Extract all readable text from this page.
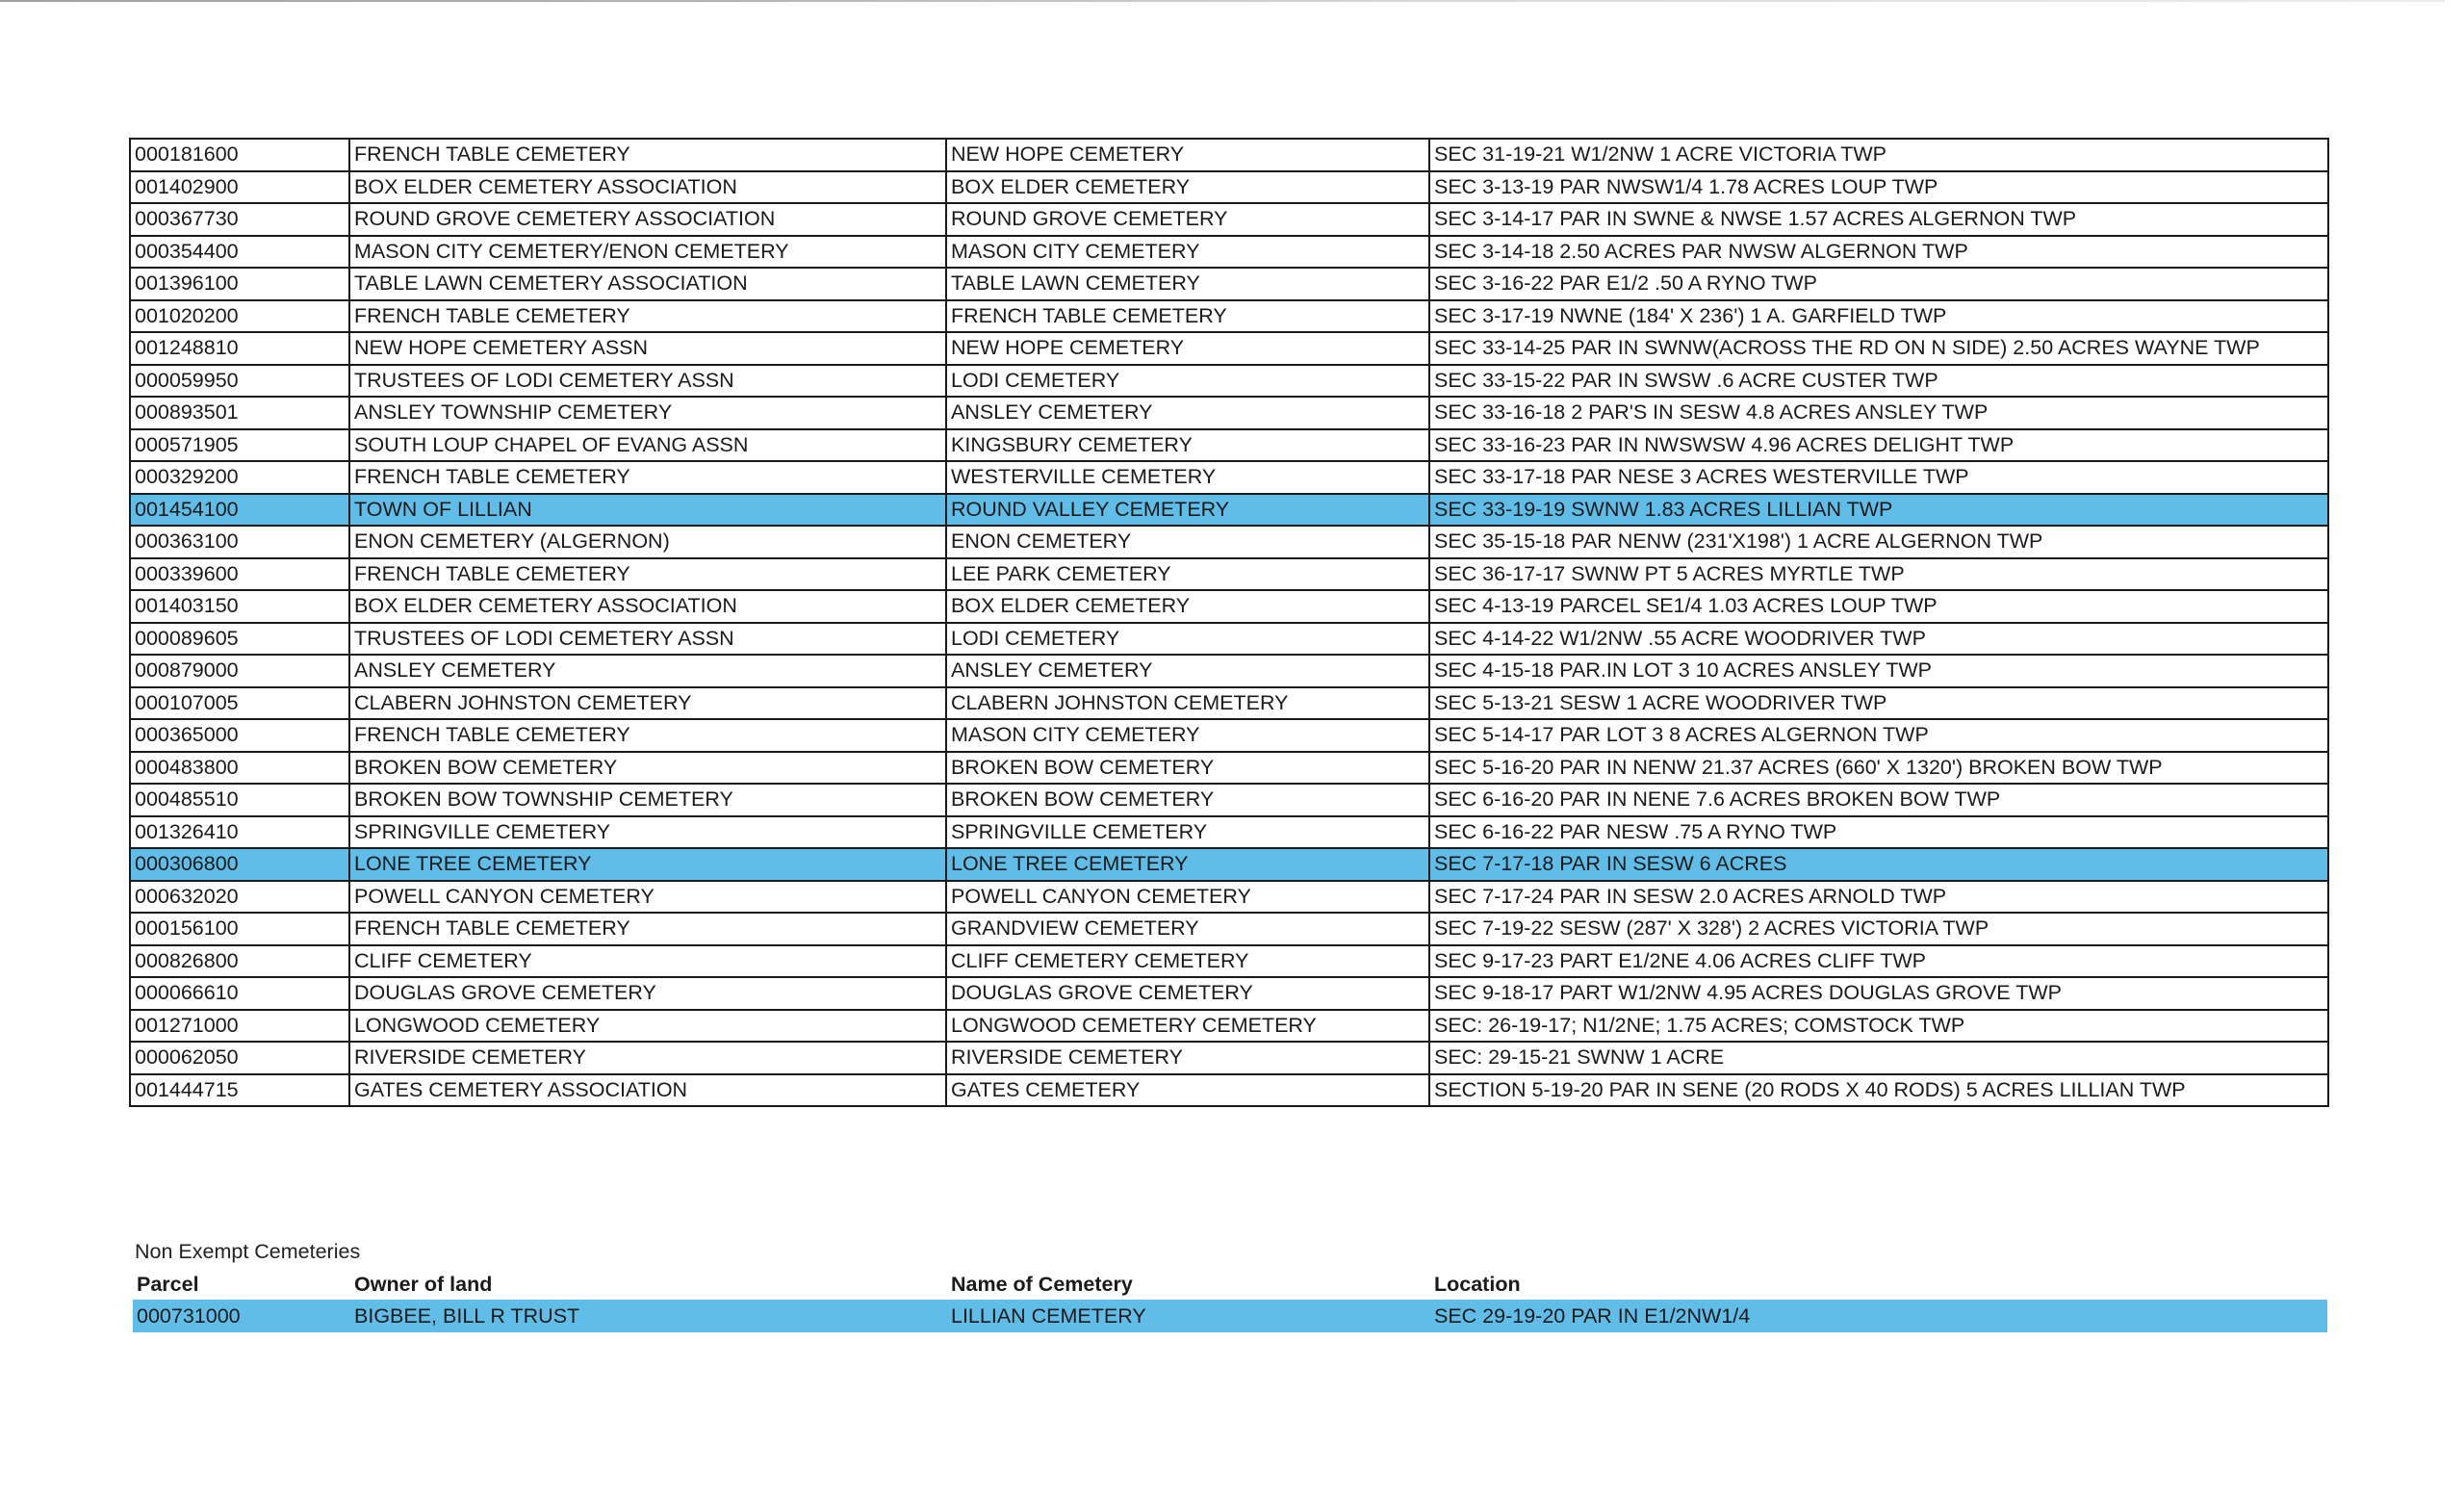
000181600	FRENCH TABLE CEMETERY	NEW HOPE CEMETERY	SEC 31-19-21 W1/2NW 1 ACRE VICTORIA TWP
001402900	BOX ELDER CEMETERY ASSOCIATION	BOX ELDER CEMETERY	SEC 3-13-19 PAR NWSW1/4 1.78 ACRES LOUP TWP
000367730	ROUND GROVE CEMETERY ASSOCIATION	ROUND GROVE CEMETERY	SEC 3-14-17 PAR IN SWNE & NWSE 1.57 ACRES ALGERNON TWP
000354400	MASON CITY CEMETERY/ENON CEMETERY	MASON CITY CEMETERY	SEC 3-14-18 2.50 ACRES PAR NWSW ALGERNON TWP
001396100	TABLE LAWN CEMETERY ASSOCIATION	TABLE LAWN CEMETERY	SEC 3-16-22 PAR E1/2 .50 A RYNO TWP
001020200	FRENCH TABLE CEMETERY	FRENCH TABLE CEMETERY	SEC 3-17-19 NWNE (184' X 236') 1 A. GARFIELD TWP
001248810	NEW HOPE CEMETERY ASSN	NEW HOPE CEMETERY	SEC 33-14-25 PAR IN SWNW(ACROSS THE RD ON N SIDE) 2.50 ACRES WAYNE TWP
000059950	TRUSTEES OF LODI CEMETERY ASSN	LODI CEMETERY	SEC 33-15-22 PAR IN SWSW .6 ACRE CUSTER TWP
000893501	ANSLEY TOWNSHIP CEMETERY	ANSLEY CEMETERY	SEC 33-16-18 2 PAR'S IN SESW 4.8 ACRES ANSLEY TWP
000571905	SOUTH LOUP CHAPEL OF EVANG ASSN	KINGSBURY CEMETERY	SEC 33-16-23 PAR IN NWSWSW 4.96 ACRES DELIGHT TWP
000329200	FRENCH TABLE CEMETERY	WESTERVILLE CEMETERY	SEC 33-17-18 PAR NESE 3 ACRES WESTERVILLE TWP
001454100	TOWN OF LILLIAN	ROUND VALLEY CEMETERY	SEC 33-19-19 SWNW 1.83 ACRES LILLIAN TWP
000363100	ENON CEMETERY (ALGERNON)	ENON CEMETERY	SEC 35-15-18 PAR NENW (231'X198') 1 ACRE ALGERNON TWP
000339600	FRENCH TABLE CEMETERY	LEE PARK CEMETERY	SEC 36-17-17 SWNW PT 5 ACRES MYRTLE TWP
001403150	BOX ELDER CEMETERY ASSOCIATION	BOX ELDER CEMETERY	SEC 4-13-19 PARCEL SE1/4 1.03 ACRES LOUP TWP
000089605	TRUSTEES OF LODI CEMETERY ASSN	LODI CEMETERY	SEC 4-14-22 W1/2NW .55 ACRE WOODRIVER TWP
000879000	ANSLEY CEMETERY	ANSLEY CEMETERY	SEC 4-15-18 PAR.IN LOT 3 10 ACRES ANSLEY TWP
000107005	CLABERN JOHNSTON CEMETERY	CLABERN JOHNSTON CEMETERY	SEC 5-13-21 SESW 1 ACRE WOODRIVER TWP
000365000	FRENCH TABLE CEMETERY	MASON CITY CEMETERY	SEC 5-14-17 PAR LOT 3 8 ACRES ALGERNON TWP
000483800	BROKEN BOW CEMETERY	BROKEN BOW CEMETERY	SEC 5-16-20 PAR IN NENW 21.37 ACRES (660' X 1320') BROKEN BOW TWP
000485510	BROKEN BOW TOWNSHIP CEMETERY	BROKEN BOW CEMETERY	SEC 6-16-20 PAR IN NENE 7.6 ACRES BROKEN BOW TWP
001326410	SPRINGVILLE CEMETERY	SPRINGVILLE CEMETERY	SEC 6-16-22 PAR NESW .75 A RYNO TWP
000306800	LONE TREE CEMETERY	LONE TREE CEMETERY	SEC 7-17-18 PAR IN SESW 6 ACRES
000632020	POWELL CANYON CEMETERY	POWELL CANYON CEMETERY	SEC 7-17-24 PAR IN SESW 2.0 ACRES ARNOLD TWP
000156100	FRENCH TABLE CEMETERY	GRANDVIEW CEMETERY	SEC 7-19-22 SESW (287' X 328') 2 ACRES VICTORIA TWP
000826800	CLIFF CEMETERY	CLIFF CEMETERY CEMETERY	SEC 9-17-23 PART E1/2NE 4.06 ACRES CLIFF TWP
000066610	DOUGLAS GROVE CEMETERY	DOUGLAS GROVE CEMETERY	SEC 9-18-17 PART W1/2NW 4.95 ACRES DOUGLAS GROVE TWP
001271000	LONGWOOD CEMETERY	LONGWOOD CEMETERY CEMETERY	SEC: 26-19-17; N1/2NE; 1.75 ACRES; COMSTOCK TWP
000062050	RIVERSIDE CEMETERY	RIVERSIDE CEMETERY	SEC: 29-15-21 SWNW 1 ACRE
001444715	GATES CEMETERY ASSOCIATION	GATES CEMETERY	SECTION 5-19-20 PAR IN SENE (20 RODS X 40 RODS) 5 ACRES LILLIAN TWP
Non Exempt Cemeteries
Parcel	Owner of land	Name of Cemetery	Location
000731000	BIGBEE, BILL R TRUST	LILLIAN CEMETERY	SEC 29-19-20 PAR IN E1/2NW1/4
